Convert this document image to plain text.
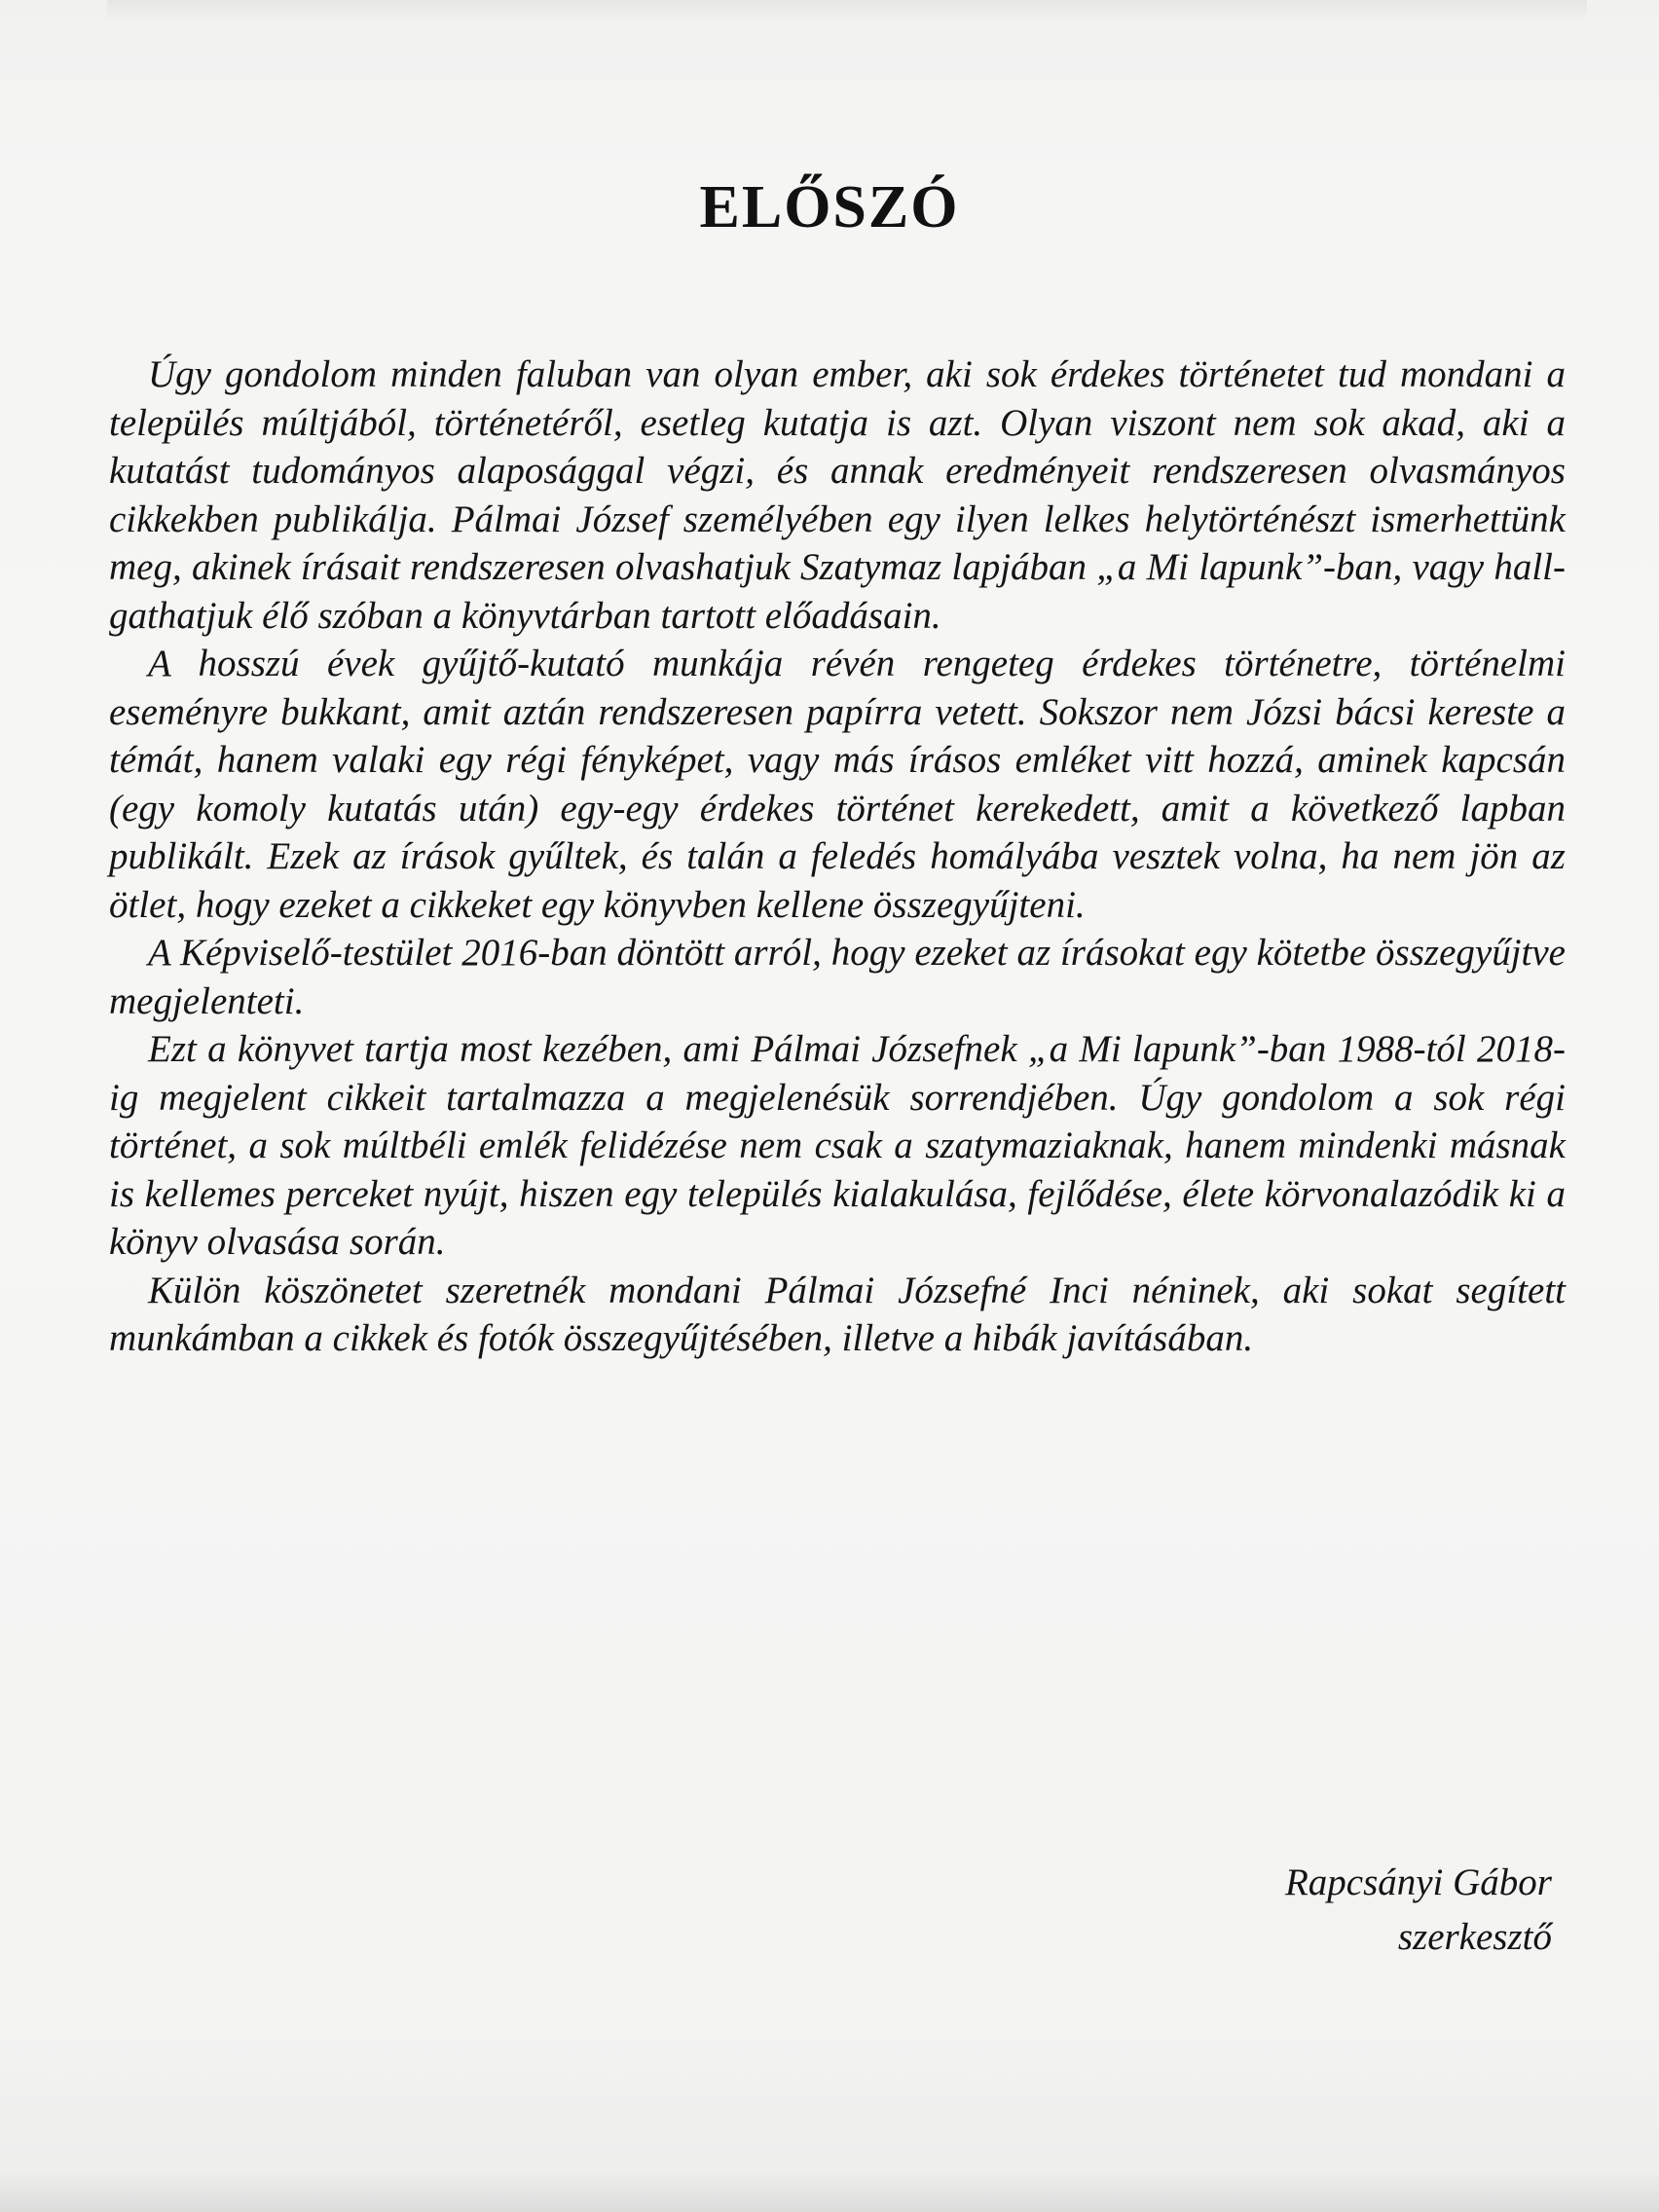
ELŐSZÓ

Úgy gondolom minden faluban van olyan ember, aki sok érdekes történetet tud mondani a település múltjából, történetéről, esetleg kutatja is azt. Olyan viszont nem sok akad, aki a kutatást tudományos alaposággal végzi, és annak eredményeit rendszeresen olvasmányos cikkekben publikálja. Pálmai József személyében egy ilyen lelkes helytörténészt ismerhettünk meg, akinek írásait rendszeresen olvashatjuk Szatymaz lapjában „a Mi lapunk”-ban, vagy hallgathatjuk élő szóban a könyvtárban tartott előadásain.

A hosszú évek gyűjtő-kutató munkája révén rengeteg érdekes történetre, történelmi eseményre bukkant, amit aztán rendszeresen papírra vetett. Sokszor nem Józsi bácsi kereste a témát, hanem valaki egy régi fényképet, vagy más írásos emléket vitt hozzá, aminek kapcsán (egy komoly kutatás után) egy-egy érdekes történet kerekedett, amit a következő lapban publikált. Ezek az írások gyűltek, és talán a feledés homályába vesztek volna, ha nem jön az ötlet, hogy ezeket a cikkeket egy könyvben kellene összegyűjteni.

A Képviselő-testület 2016-ban döntött arról, hogy ezeket az írásokat egy kötetbe összegyűjtve megjelenteti.

Ezt a könyvet tartja most kezében, ami Pálmai Józsefnek „a Mi lapunk”-ban 1988-tól 2018-ig megjelent cikkeit tartalmazza a megjelenésük sorrendjében. Úgy gondolom a sok régi történet, a sok múltbéli emlék felidézése nem csak a szatymaziaknak, hanem mindenki másnak is kellemes perceket nyújt, hiszen egy település kialakulása, fejlődése, élete körvonalazódik ki a könyv olvasása során.

Külön köszönetet szeretnék mondani Pálmai Józsefné Inci néninek, aki sokat segített munkámban a cikkek és fotók összegyűjtésében, illetve a hibák javításában.

Rapcsányi Gábor
szerkesztő
